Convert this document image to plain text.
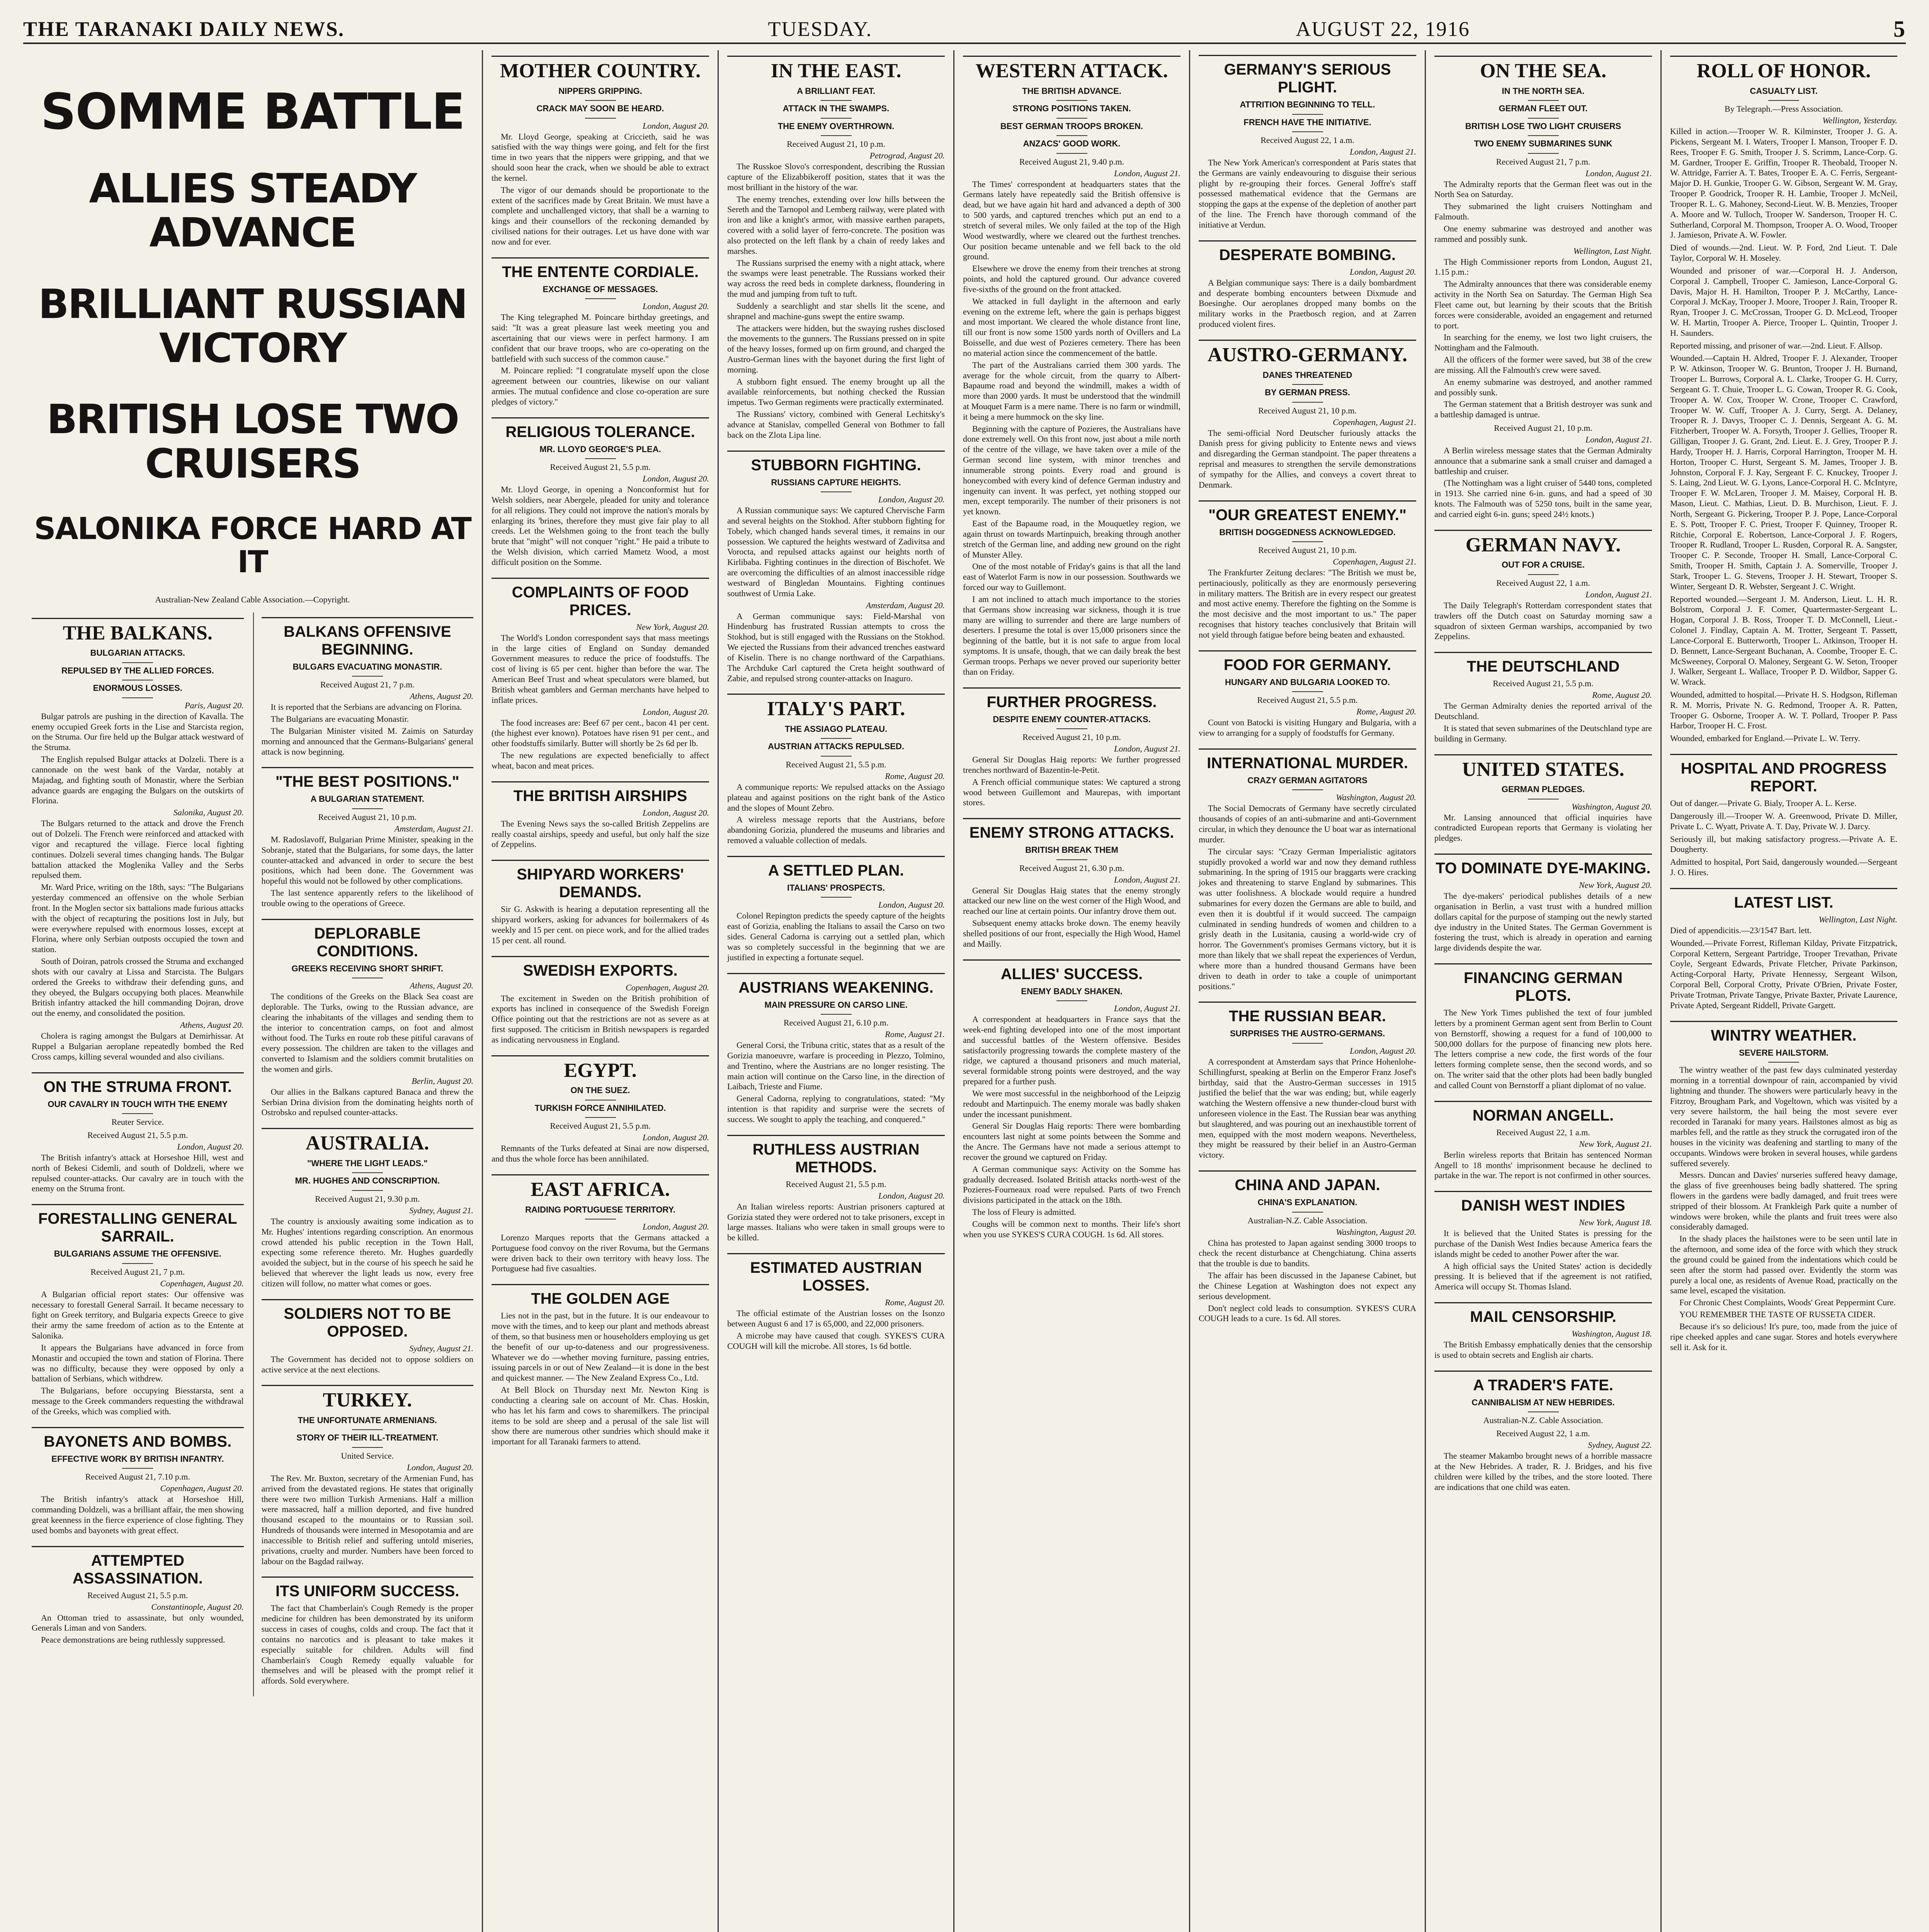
THE TARANAKI DAILY NEWS.	TUESDAY.	AUGUST 22, 1916	5
SOMME BATTLE
ALLIES STEADY ADVANCE
BRILLIANT RUSSIAN VICTORY
BRITISH LOSE TWO CRUISERS
SALONIKA FORCE HARD AT IT
Australian-New Zealand Cable Association.—Copyright.
THE BALKANS.
BULGARIAN ATTACKS.
REPULSED BY THE ALLIED FORCES.
ENORMOUS LOSSES.
Paris, August 20.
Bulgar patrols are pushing in the direction of Kavalla. The enemy occupied Greek forts in the Lise and Starcista region, on the Struma. Our fire held up the Bulgar attack westward of the Struma.
The English repulsed Bulgar attacks at Dolzeli. There is a cannonade on the west bank of the Vardar, notably at Majadag, and fighting south of Monastir, where the Serbian advance guards are engaging the Bulgars on the outskirts of Florina.
Salonika, August 20.
The Bulgars returned to the attack and drove the French out of Dolzeli. The French were reinforced and attacked with vigor and recaptured the village. Fierce local fighting continues. Dolzeli several times changing hands. The Bulgar battalion attacked the Moglenika Valley and the Serbs repulsed them.
Mr. Ward Price, writing on the 18th, says: "The Bulgarians yesterday commenced an offensive on the whole Serbian front. In the Moglen sector six battalions made furious attacks with the object of recapturing the positions lost in July, but were everywhere repulsed with enormous losses, except at Florina, where only Serbian outposts occupied the town and station.
South of Doiran, patrols crossed the Struma and exchanged shots with our cavalry at Lissa and Starcista. The Bulgars ordered the Greeks to withdraw their defending guns, and they obeyed, the Bulgars occupying both places. Meanwhile British infantry attacked the hill commanding Dojran, drove out the enemy, and consolidated the position.
Athens, August 20.
Cholera is raging amongst the Bulgars at Demirhissar. At Ruppel a Bulgarian aeroplane repeatedly bombed the Red Cross camps, killing several wounded and also civilians.
ON THE STRUMA FRONT.
OUR CAVALRY IN TOUCH WITH THE ENEMY
Reuter Service.
Received August 21, 5.5 p.m.
London, August 20.
The British infantry's attack at Horseshoe Hill, west and north of Bekesi Cidemli, and south of Doldzeli, where we repulsed counter-attacks. Our cavalry are in touch with the enemy on the Struma front.
FORESTALLING GENERAL SARRAIL.
BULGARIANS ASSUME THE OFFENSIVE.
Received August 21, 7 p.m.
Copenhagen, August 20.
A Bulgarian official report states: Our offensive was necessary to forestall General Sarrail. It became necessary to fight on Greek territory, and Bulgaria expects Greece to give their army the same freedom of action as to the Entente at Salonika.
It appears the Bulgarians have advanced in force from Monastir and occupied the town and station of Florina. There was no difficulty, because they were opposed by only a battalion of Serbians, which withdrew.
The Bulgarians, before occupying Biesstarsta, sent a message to the Greek commanders requesting the withdrawal of the Greeks, which was complied with.
BAYONETS AND BOMBS.
EFFECTIVE WORK BY BRITISH INFANTRY.
Received August 21, 7.10 p.m.
Copenhagen, August 20.
The British infantry's attack at Horseshoe Hill, commanding Doldzeli, was a brilliant affair, the men showing great keenness in the fierce experience of close fighting. They used bombs and bayonets with great effect.
ATTEMPTED ASSASSINATION.
Received August 21, 5.5 p.m.
Constantinople, August 20.
An Ottoman tried to assassinate, but only wounded, Generals Liman and von Sanders.
Peace demonstrations are being ruthlessly suppressed.
BALKANS OFFENSIVE BEGINNING.
BULGARS EVACUATING MONASTIR.
Received August 21, 7 p.m.
Athens, August 20.
It is reported that the Serbians are advancing on Florina.
The Bulgarians are evacuating Monastir.
The Bulgarian Minister visited M. Zaimis on Saturday morning and announced that the Germans-Bulgarians' general attack is now beginning.
"THE BEST POSITIONS."
A BULGARIAN STATEMENT.
Received August 21, 10 p.m.
Amsterdam, August 21.
M. Radoslavoff, Bulgarian Prime Minister, speaking in the Sobranje, stated that the Bulgarians, for some days, the latter counter-attacked and advanced in order to secure the best positions, which had been done. The Government was hopeful this would not be followed by other complications.
The last sentence apparently refers to the likelihood of trouble owing to the operations of Greece.
DEPLORABLE CONDITIONS.
GREEKS RECEIVING SHORT SHRIFT.
Athens, August 20.
The conditions of the Greeks on the Black Sea coast are deplorable. The Turks, owing to the Russian advance, are clearing the inhabitants of the villages and sending them to the interior to concentration camps, on foot and almost without food. The Turks en route rob these pitiful caravans of every possession. The children are taken to the villages and converted to Islamism and the soldiers commit brutalities on the women and girls.
Berlin, August 20.
Our allies in the Balkans captured Banaca and threw the Serbian Drina division from the dominating heights north of Ostrobsko and repulsed counter-attacks.
AUSTRALIA.
"WHERE THE LIGHT LEADS."
MR. HUGHES AND CONSCRIPTION.
Received August 21, 9.30 p.m.
Sydney, August 21.
The country is anxiously awaiting some indication as to Mr. Hughes' intentions regarding conscription. An enormous crowd attended his public reception in the Town Hall, expecting some reference thereto. Mr. Hughes guardedly avoided the subject, but in the course of his speech he said he believed that wherever the light leads us now, every free citizen will follow, no matter what comes or goes.
SOLDIERS NOT TO BE OPPOSED.
Sydney, August 21.
The Government has decided not to oppose soldiers on active service at the next elections.
TURKEY.
THE UNFORTUNATE ARMENIANS.
STORY OF THEIR ILL-TREATMENT.
United Service.
London, August 20.
The Rev. Mr. Buxton, secretary of the Armenian Fund, has arrived from the devastated regions. He states that originally there were two million Turkish Armenians. Half a million were massacred, half a million deported, and five hundred thousand escaped to the mountains or to Russian soil. Hundreds of thousands were interned in Mesopotamia and are inaccessible to British relief and suffering untold miseries, privations, cruelty and murder. Numbers have been forced to labour on the Bagdad railway.
ITS UNIFORM SUCCESS.
The fact that Chamberlain's Cough Remedy is the proper medicine for children has been demonstrated by its uniform success in cases of coughs, colds and croup. The fact that it contains no narcotics and is pleasant to take makes it especially suitable for children. Adults will find Chamberlain's Cough Remedy equally valuable for themselves and will be pleased with the prompt relief it affords. Sold everywhere.
MOTHER COUNTRY.
NIPPERS GRIPPING.
CRACK MAY SOON BE HEARD.
London, August 20.
Mr. Lloyd George, speaking at Criccieth, said he was satisfied with the way things were going, and felt for the first time in two years that the nippers were gripping, and that we should soon hear the crack, when we should be able to extract the kernel.
The vigor of our demands should be proportionate to the extent of the sacrifices made by Great Britain. We must have a complete and unchallenged victory, that shall be a warning to kings and their counsellors of the reckoning demanded by civilised nations for their outrages. Let us have done with war now and for ever.
THE ENTENTE CORDIALE.
EXCHANGE OF MESSAGES.
London, August 20.
The King telegraphed M. Poincare birthday greetings, and said: "It was a great pleasure last week meeting you and ascertaining that our views were in perfect harmony. I am confident that our brave troops, who are co-operating on the battlefield with such success of the common cause."
M. Poincare replied: "I congratulate myself upon the close agreement between our countries, likewise on our valiant armies. The mutual confidence and close co-operation are sure pledges of victory."
RELIGIOUS TOLERANCE.
MR. LLOYD GEORGE'S PLEA.
Received August 21, 5.5 p.m.
London, August 20.
Mr. Lloyd George, in opening a Nonconformist hut for Welsh soldiers, near Abergele, pleaded for unity and tolerance for all religions. They could not improve the nation's morals by enlarging its 'brines, therefore they must give fair play to all creeds. Let the Welshmen going to the front teach the bully brute that "might" will not conquer "right." He paid a tribute to the Welsh division, which carried Mametz Wood, a most difficult position on the Somme.
COMPLAINTS OF FOOD PRICES.
New York, August 20.
The World's London correspondent says that mass meetings in the large cities of England on Sunday demanded Government measures to reduce the price of foodstuffs. The cost of living is 65 per cent. higher than before the war. The American Beef Trust and wheat speculators were blamed, but British wheat gamblers and German merchants have helped to inflate prices.
London, August 20.
The food increases are: Beef 67 per cent., bacon 41 per cent. (the highest ever known). Potatoes have risen 91 per cent., and other foodstuffs similarly. Butter will shortly be 2s 6d per lb.
The new regulations are expected beneficially to affect wheat, bacon and meat prices.
THE BRITISH AIRSHIPS
London, August 20.
The Evening News says the so-called British Zeppelins are really coastal airships, speedy and useful, but only half the size of Zeppelins.
SHIPYARD WORKERS' DEMANDS.
Sir G. Askwith is hearing a deputation representing all the shipyard workers, asking for advances for boilermakers of 4s weekly and 15 per cent. on piece work, and for the allied trades 15 per cent. all round.
SWEDISH EXPORTS.
Copenhagen, August 20.
The excitement in Sweden on the British prohibition of exports has inclined in consequence of the Swedish Foreign Office pointing out that the restrictions are not as severe as at first supposed. The criticism in British newspapers is regarded as indicating nervousness in England.
EGYPT.
ON THE SUEZ.
TURKISH FORCE ANNIHILATED.
Received August 21, 5.5 p.m.
London, August 20.
Remnants of the Turks defeated at Sinai are now dispersed, and thus the whole force has been annihilated.
EAST AFRICA.
RAIDING PORTUGUESE TERRITORY.
London, August 20.
Lorenzo Marques reports that the Germans attacked a Portuguese food convoy on the river Rovuma, but the Germans were driven back to their own territory with heavy loss. The Portuguese had five casualties.
THE GOLDEN AGE
Lies not in the past, but in the future. It is our endeavour to move with the times, and to keep our plant and methods abreast of them, so that business men or householders employing us get the benefit of our up-to-dateness and our progressiveness. Whatever we do —whether moving furniture, passing entries, issuing parcels in or out of New Zealand—it is done in the best and quickest manner. — The New Zealand Express Co., Ltd.
At Bell Block on Thursday next Mr. Newton King is conducting a clearing sale on account of Mr. Chas. Hoskin, who has let his farm and cows to sharemilkers. The principal items to be sold are sheep and a perusal of the sale list will show there are numerous other sundries which should make it important for all Taranaki farmers to attend.
IN THE EAST.
A BRILLIANT FEAT.
ATTACK IN THE SWAMPS.
THE ENEMY OVERTHROWN.
Received August 21, 10 p.m.
Petrograd, August 20.
The Russkoe Slovo's correspondent, describing the Russian capture of the Elizabbikeroff position, states that it was the most brilliant in the history of the war.
The enemy trenches, extending over low hills between the Sereth and the Tarnopol and Lemberg railway, were plated with iron and like a knight's armor, with massive earthen parapets, covered with a solid layer of ferro-concrete. The position was also protected on the left flank by a chain of reedy lakes and marshes.
The Russians surprised the enemy with a night attack, where the swamps were least penetrable. The Russians worked their way across the reed beds in complete darkness, floundering in the mud and jumping from tuft to tuft.
Suddenly a searchlight and star shells lit the scene, and shrapnel and machine-guns swept the entire swamp.
The attackers were hidden, but the swaying rushes disclosed the movements to the gunners. The Russians pressed on in spite of the heavy losses, formed up on firm ground, and charged the Austro-German lines with the bayonet during the first light of morning.
A stubborn fight ensued. The enemy brought up all the available reinforcements, but nothing checked the Russian impetus. Two German regiments were practically exterminated.
The Russians' victory, combined with General Lechitsky's advance at Stanislav, compelled General von Bothmer to fall back on the Zlota Lipa line.
STUBBORN FIGHTING.
RUSSIANS CAPTURE HEIGHTS.
London, August 20.
A Russian communique says: We captured Chervische Farm and several heights on the Stokhod. After stubborn fighting for Tobely, which changed hands several times, it remains in our possession. We captured the heights westward of Zadivitsa and Vorocta, and repulsed attacks against our heights north of Kirlibaba. Fighting continues in the direction of Bischofet. We are overcoming the difficulties of an almost inaccessible ridge westward of Bingledan Mountains. Fighting continues southwest of Urmia Lake.
Amsterdam, August 20.
A German communique says: Field-Marshal von Hindenburg has frustrated Russian attempts to cross the Stokhod, but is still engaged with the Russians on the Stokhod. We ejected the Russians from their advanced trenches eastward of Kiselin. There is no change northward of the Carpathians. The Archduke Carl captured the Creta height southward of Zabie, and repulsed strong counter-attacks on Inaguro.
ITALY'S PART.
THE ASSIAGO PLATEAU.
AUSTRIAN ATTACKS REPULSED.
Received August 21, 5.5 p.m.
Rome, August 20.
A communique reports: We repulsed attacks on the Assiago plateau and against positions on the right bank of the Astico and the slopes of Mount Zebro.
A wireless message reports that the Austrians, before abandoning Gorizia, plundered the museums and libraries and removed a valuable collection of medals.
A SETTLED PLAN.
ITALIANS' PROSPECTS.
London, August 20.
Colonel Repington predicts the speedy capture of the heights east of Gorizia, enabling the Italians to assail the Carso on two sides. General Cadorna is carrying out a settled plan, which was so completely successful in the beginning that we are justified in expecting a fortunate sequel.
AUSTRIANS WEAKENING.
MAIN PRESSURE ON CARSO LINE.
Received August 21, 6.10 p.m.
Rome, August 21.
General Corsi, the Tribuna critic, states that as a result of the Gorizia manoeuvre, warfare is proceeding in Plezzo, Tolmino, and Trentino, where the Austrians are no longer resisting. The main action will continue on the Carso line, in the direction of Laibach, Trieste and Fiume.
General Cadorna, replying to congratulations, stated: "My intention is that rapidity and surprise were the secrets of success. We sought to apply the teaching, and conquered."
RUTHLESS AUSTRIAN METHODS.
Received August 21, 5.5 p.m.
London, August 20.
An Italian wireless reports: Austrian prisoners captured at Gorizia stated they were ordered not to take prisoners, except in large masses. Italians who were taken in small groups were to be killed.
ESTIMATED AUSTRIAN LOSSES.
Rome, August 20.
The official estimate of the Austrian losses on the Isonzo between August 6 and 17 is 65,000, and 22,000 prisoners.
A microbe may have caused that cough. SYKES'S CURA COUGH will kill the microbe. All stores, 1s 6d bottle.
WESTERN ATTACK.
THE BRITISH ADVANCE.
STRONG POSITIONS TAKEN.
BEST GERMAN TROOPS BROKEN.
ANZACS' GOOD WORK.
Received August 21, 9.40 p.m.
London, August 21.
The Times' correspondent at headquarters states that the Germans lately have repeatedly said the British offensive is dead, but we have again hit hard and advanced a depth of 300 to 500 yards, and captured trenches which put an end to a stretch of several miles. We only failed at the top of the High Wood westwardly, where we cleared out the furthest trenches. Our position became untenable and we fell back to the old ground.
Elsewhere we drove the enemy from their trenches at strong points, and hold the captured ground. Our advance covered five-sixths of the ground on the front attacked.
We attacked in full daylight in the afternoon and early evening on the extreme left, where the gain is perhaps biggest and most important. We cleared the whole distance front line, till our front is now some 1500 yards north of Ovillers and La Boisselle, and due west of Pozieres cemetery. There has been no material action since the commencement of the battle.
The part of the Australians carried them 300 yards. The average for the whole circuit, from the quarry to Albert-Bapaume road and beyond the windmill, makes a width of more than 2000 yards. It must be understood that the windmill at Mouquet Farm is a mere name. There is no farm or windmill, it being a mere hummock on the sky line.
Beginning with the capture of Pozieres, the Australians have done extremely well. On this front now, just about a mile north of the centre of the village, we have taken over a mile of the German second line system, with minor trenches and innumerable strong points. Every road and ground is honeycombed with every kind of defence German industry and ingenuity can invent. It was perfect, yet nothing stopped our men, except temporarily. The number of their prisoners is not yet known.
East of the Bapaume road, in the Mouquetley region, we again thrust on towards Martinpuich, breaking through another stretch of the German line, and adding new ground on the right of Munster Alley.
One of the most notable of Friday's gains is that all the land east of Waterlot Farm is now in our possession. Southwards we forced our way to Guillemont.
I am not inclined to attach much importance to the stories that Germans show increasing war sickness, though it is true many are willing to surrender and there are large numbers of deserters. I presume the total is over 15,000 prisoners since the beginning of the battle, but it is not safe to argue from local symptoms. It is unsafe, though, that we can daily break the best German troops. Perhaps we never proved our superiority better than on Friday.
FURTHER PROGRESS.
DESPITE ENEMY COUNTER-ATTACKS.
Received August 21, 10 p.m.
London, August 21.
General Sir Douglas Haig reports: We further progressed trenches northward of Bazentin-le-Petit.
A French official communique states: We captured a strong wood between Guillemont and Maurepas, with important stores.
ENEMY STRONG ATTACKS.
BRITISH BREAK THEM
Received August 21, 6.30 p.m.
London, August 21.
General Sir Douglas Haig states that the enemy strongly attacked our new line on the west corner of the High Wood, and reached our line at certain points. Our infantry drove them out.
Subsequent enemy attacks broke down. The enemy heavily shelled positions of our front, especially the High Wood, Hamel and Mailly.
ALLIES' SUCCESS.
ENEMY BADLY SHAKEN.
London, August 21.
A correspondent at headquarters in France says that the week-end fighting developed into one of the most important and successful battles of the Western offensive. Besides satisfactorily progressing towards the complete mastery of the ridge, we captured a thousand prisoners and much material, several formidable strong points were destroyed, and the way prepared for a further push.
We were most successful in the neighborhood of the Leipzig redoubt and Martinpuich. The enemy morale was badly shaken under the incessant punishment.
General Sir Douglas Haig reports: There were bombarding encounters last night at some points between the Somme and the Ancre. The Germans have not made a serious attempt to recover the ground we captured on Friday.
A German communique says: Activity on the Somme has gradually decreased. Isolated British attacks north-west of the Pozieres-Fourneaux road were repulsed. Parts of two French divisions participated in the attack on the 18th.
The loss of Fleury is admitted.
Coughs will be common next to months. Their life's short when you use SYKES'S CURA COUGH. 1s 6d. All stores.
GERMANY'S SERIOUS PLIGHT.
ATTRITION BEGINNING TO TELL.
FRENCH HAVE THE INITIATIVE.
Received August 22, 1 a.m.
London, August 21.
The New York American's correspondent at Paris states that the Germans are vainly endeavouring to disguise their serious plight by re-grouping their forces. General Joffre's staff possessed mathematical evidence that the Germans are stopping the gaps at the expense of the depletion of another part of the line. The French have thorough command of the initiative at Verdun.
DESPERATE BOMBING.
London, August 20.
A Belgian communique says: There is a daily bombardment and desperate bombing encounters between Dixmude and Boesinghe. Our aeroplanes dropped many bombs on the military works in the Praetbosch region, and at Zarren produced violent fires.
AUSTRO-GERMANY.
DANES THREATENED
BY GERMAN PRESS.
Received August 21, 10 p.m.
Copenhagen, August 21.
The semi-official Nord Deutscher furiously attacks the Danish press for giving publicity to Entente news and views and disregarding the German standpoint. The paper threatens a reprisal and measures to strengthen the servile demonstrations of sympathy for the Allies, and conveys a covert threat to Denmark.
"OUR GREATEST ENEMY."
BRITISH DOGGEDNESS ACKNOWLEDGED.
Received August 21, 10 p.m.
Copenhagen, August 21.
The Frankfurter Zeitung declares: "The British we must be, pertinaciously, politically as they are enormously persevering in military matters. The British are in every respect our greatest and most active enemy. Therefore the fighting on the Somme is the most decisive and the most important to us." The paper recognises that history teaches conclusively that Britain will not yield through fatigue before being beaten and exhausted.
FOOD FOR GERMANY.
HUNGARY AND BULGARIA LOOKED TO.
Received August 21, 5.5 p.m.
Rome, August 20.
Count von Batocki is visiting Hungary and Bulgaria, with a view to arranging for a supply of foodstuffs for Germany.
INTERNATIONAL MURDER.
CRAZY GERMAN AGITATORS
Washington, August 20.
The Social Democrats of Germany have secretly circulated thousands of copies of an anti-submarine and anti-Government circular, in which they denounce the U boat war as international murder.
The circular says: "Crazy German Imperialistic agitators stupidly provoked a world war and now they demand ruthless submarining. In the spring of 1915 our braggarts were cracking jokes and threatening to starve England by submarines. This was utter foolishness. A blockade would require a hundred submarines for every dozen the Germans are able to build, and even then it is doubtful if it would succeed. The campaign culminated in sending hundreds of women and children to a grisly death in the Lusitania, causing a world-wide cry of horror. The Government's promises Germans victory, but it is more than likely that we shall repeat the experiences of Verdun, where more than a hundred thousand Germans have been driven to death in order to take a couple of unimportant positions."
THE RUSSIAN BEAR.
SURPRISES THE AUSTRO-GERMANS.
London, August 20.
A correspondent at Amsterdam says that Prince Hohenlohe-Schillingfurst, speaking at Berlin on the Emperor Franz Josef's birthday, said that the Austro-German successes in 1915 justified the belief that the war was ending; but, while eagerly watching the Western offensive a new thunder-cloud burst with unforeseen violence in the East. The Russian bear was anything but slaughtered, and was pouring out an inexhaustible torrent of men, equipped with the most modern weapons. Nevertheless, they might be reassured by their belief in an Austro-German victory.
CHINA AND JAPAN.
CHINA'S EXPLANATION.
Australian-N.Z. Cable Association.
Washington, August 20.
China has protested to Japan against sending 3000 troops to check the recent disturbance at Chengchiatung. China asserts that the trouble is due to bandits.
The affair has been discussed in the Japanese Cabinet, but the Chinese Legation at Washington does not expect any serious development.
Don't neglect cold leads to consumption. SYKES'S CURA COUGH leads to a cure. 1s 6d. All stores.
ON THE SEA.
IN THE NORTH SEA.
GERMAN FLEET OUT.
BRITISH LOSE TWO LIGHT CRUISERS
TWO ENEMY SUBMARINES SUNK
Received August 21, 7 p.m.
London, August 21.
The Admiralty reports that the German fleet was out in the North Sea on Saturday.
They submarined the light cruisers Nottingham and Falmouth.
One enemy submarine was destroyed and another was rammed and possibly sunk.
Wellington, Last Night.
The High Commissioner reports from London, August 21, 1.15 p.m.:
The Admiralty announces that there was considerable enemy activity in the North Sea on Saturday. The German High Sea Fleet came out, but learning by their scouts that the British forces were considerable, avoided an engagement and returned to port.
In searching for the enemy, we lost two light cruisers, the Nottingham and the Falmouth.
All the officers of the former were saved, but 38 of the crew are missing. All the Falmouth's crew were saved.
An enemy submarine was destroyed, and another rammed and possibly sunk.
The German statement that a British destroyer was sunk and a battleship damaged is untrue.
Received August 21, 10 p.m.
London, August 21.
A Berlin wireless message states that the German Admiralty announce that a submarine sank a small cruiser and damaged a battleship and cruiser.
(The Nottingham was a light cruiser of 5440 tons, completed in 1913. She carried nine 6-in. guns, and had a speed of 30 knots. The Falmouth was of 5250 tons, built in the same year, and carried eight 6-in. guns; speed 24½ knots.)
GERMAN NAVY.
OUT FOR A CRUISE.
Received August 22, 1 a.m.
London, August 21.
The Daily Telegraph's Rotterdam correspondent states that trawlers off the Dutch coast on Saturday morning saw a squadron of sixteen German warships, accompanied by two Zeppelins.
THE DEUTSCHLAND
Received August 21, 5.5 p.m.
Rome, August 20.
The German Admiralty denies the reported arrival of the Deutschland.
It is stated that seven submarines of the Deutschland type are building in Germany.
UNITED STATES.
GERMAN PLEDGES.
Washington, August 20.
Mr. Lansing announced that official inquiries have contradicted European reports that Germany is violating her pledges.
TO DOMINATE DYE-MAKING.
New York, August 20.
The dye-makers' periodical publishes details of a new organisation in Berlin, a vast trust with a hundred million dollars capital for the purpose of stamping out the newly started dye industry in the United States. The German Government is fostering the trust, which is already in operation and earning large dividends despite the war.
FINANCING GERMAN PLOTS.
The New York Times published the text of four jumbled letters by a prominent German agent sent from Berlin to Count von Bernstorff, showing a request for a fund of 100,000 to 500,000 dollars for the purpose of financing new plots here. The letters comprise a new code, the first words of the four letters forming complete sense, then the second words, and so on. The writer said that the other plots had been badly bungled and called Count von Bernstorff a pliant diplomat of no value.
NORMAN ANGELL.
Received August 22, 1 a.m.
New York, August 21.
Berlin wireless reports that Britain has sentenced Norman Angell to 18 months' imprisonment because he declined to partake in the war. The report is not confirmed in other sources.
DANISH WEST INDIES
New York, August 18.
It is believed that the United States is pressing for the purchase of the Danish West Indies because America fears the islands might be ceded to another Power after the war.
A high official says the United States' action is decidedly pressing. It is believed that if the agreement is not ratified, America will occupy St. Thomas Island.
MAIL CENSORSHIP.
Washington, August 18.
The British Embassy emphatically denies that the censorship is used to obtain secrets and English air charts.
A TRADER'S FATE.
CANNIBALISM AT NEW HEBRIDES.
Australian-N.Z. Cable Association.
Received August 22, 1 a.m.
Sydney, August 22.
The steamer Makambo brought news of a horrible massacre at the New Hebrides. A trader, R. J. Bridges, and his five children were killed by the tribes, and the store looted. There are indications that one child was eaten.
ROLL OF HONOR.
CASUALTY LIST.
By Telegraph.—Press Association.
Wellington, Yesterday.
Killed in action.—Trooper W. R. Kilminster, Trooper J. G. A. Pickens, Sergeant M. I. Waters, Trooper I. Manson, Trooper F. D. Rees, Trooper F. G. Smith, Trooper J. S. Scrimm, Lance-Corp. G. M. Gardner, Trooper E. Griffin, Trooper R. Theobald, Trooper N. W. Attridge, Farrier A. T. Bates, Trooper E. A. C. Ferris, Sergeant-Major D. H. Gunkie, Trooper G. W. Gibson, Sergeant W. M. Gray, Trooper P. Goodrick, Trooper R. H. Lambie, Trooper J. McNeil, Trooper R. L. G. Mahoney, Second-Lieut. W. B. Menzies, Trooper A. Moore and W. Tulloch, Trooper W. Sanderson, Trooper H. C. Sutherland, Corporal M. Thompson, Trooper A. O. Wood, Trooper J. Jamieson, Private A. W. Fowler.
Died of wounds.—2nd. Lieut. W. P. Ford, 2nd Lieut. T. Dale Taylor, Corporal W. H. Moseley.
Wounded and prisoner of war.—Corporal H. J. Anderson, Corporal J. Campbell, Trooper C. Jamieson, Lance-Corporal G. Davis, Major H. H. Hamilton, Trooper P. J. McCarthy, Lance-Corporal J. McKay, Trooper J. Moore, Trooper J. Rain, Trooper R. Ryan, Trooper J. C. McCrossan, Trooper G. D. McLeod, Trooper W. H. Martin, Trooper A. Pierce, Trooper L. Quintin, Trooper J. H. Saunders.
Reported missing, and prisoner of war.—2nd. Lieut. F. Allsop.
Wounded.—Captain H. Aldred, Trooper F. J. Alexander, Trooper P. W. Atkinson, Trooper W. G. Brunton, Trooper J. H. Burnand, Trooper L. Burrows, Corporal A. L. Clarke, Trooper G. H. Curry, Sergeant G. T. Chuie, Trooper L. G. Cowan, Trooper R. G. Cook, Trooper A. W. Cox, Trooper W. Crone, Trooper C. Crawford, Trooper W. W. Cuff, Trooper A. J. Curry, Sergt. A. Delaney, Trooper R. J. Davys, Trooper C. J. Dennis, Sergeant A. G. M. Fitzherbert, Trooper W. A. Forsyth, Trooper J. Gellies, Trooper R. Gilligan, Trooper J. G. Grant, 2nd. Lieut. E. J. Grey, Trooper P. J. Hardy, Trooper H. J. Harris, Corporal Harrington, Trooper M. H. Horton, Trooper C. Hurst, Sergeant S. M. James, Trooper J. B. Johnston, Corporal F. J. Kay, Sergeant F. C. Knuckey, Trooper J. S. Laing, 2nd Lieut. W. G. Lyons, Lance-Corporal H. C. McIntyre, Trooper F. W. McLaren, Trooper J. M. Maisey, Corporal H. B. Mason, Lieut. C. Mathias, Lieut. D. B. Murchison, Lieut. F. J. North, Sergeant G. Pickering, Trooper P. J. Pope, Lance-Corporal E. S. Pott, Trooper F. C. Priest, Trooper F. Quinney, Trooper R. Ritchie, Corporal E. Robertson, Lance-Corporal J. F. Rogers, Trooper R. Rudland, Trooper L. Rusden, Corporal R. A. Sangster, Trooper C. P. Seconde, Trooper H. Small, Lance-Corporal C. Smith, Trooper H. Smith, Captain J. A. Somerville, Trooper J. Stark, Trooper L. G. Stevens, Trooper J. H. Stewart, Trooper S. Winter, Sergeant D. R. Webster, Sergeant J. C. Wright.
Reported wounded.—Sergeant J. M. Anderson, Lieut. L. H. R. Bolstrom, Corporal J. F. Comer, Quartermaster-Sergeant L. Hogan, Corporal J. B. Ross, Trooper T. D. McConnell, Lieut.-Colonel J. Findlay, Captain A. M. Trotter, Sergeant T. Passett, Lance-Corporal E. Butterworth, Trooper L. Atkinson, Trooper H. D. Bennett, Lance-Sergeant Buchanan, A. Coombe, Trooper E. C. McSweeney, Corporal O. Maloney, Sergeant G. W. Seton, Trooper J. Walker, Sergeant L. Wallace, Trooper P. D. Wildbor, Sapper G. W. Wrack.
Wounded, admitted to hospital.—Private H. S. Hodgson, Rifleman R. M. Morris, Private N. G. Redmond, Trooper A. R. Patten, Trooper G. Osborne, Trooper A. W. T. Pollard, Trooper P. Pass Harbor, Trooper H. C. Frost.
Wounded, embarked for England.—Private L. W. Terry.
HOSPITAL AND PROGRESS REPORT.
Out of danger.—Private G. Bialy, Trooper A. L. Kerse.
Dangerously ill.—Trooper W. A. Greenwood, Private D. Miller, Private L. C. Wyatt, Private A. T. Day, Private W. J. Darcy.
Seriously ill, but making satisfactory progress.—Private A. E. Dougherty.
Admitted to hospital, Port Said, dangerously wounded.—Sergeant J. O. Hires.
LATEST LIST.
Wellington, Last Night.
Died of appendicitis.—23/1547 Bart. lett.
Wounded.—Private Forrest, Rifleman Kilday, Private Fitzpatrick, Corporal Kettern, Sergeant Partridge, Trooper Trevathan, Private Coyle, Sergeant Edwards, Private Fletcher, Private Parkinson, Acting-Corporal Harty, Private Hennessy, Sergeant Wilson, Corporal Bell, Corporal Crotty, Private O'Brien, Private Foster, Private Trotman, Private Tangye, Private Baxter, Private Laurence, Private Apted, Sergeant Riddell, Private Gargett.
WINTRY WEATHER.
SEVERE HAILSTORM.
The wintry weather of the past few days culminated yesterday morning in a torrential downpour of rain, accompanied by vivid lightning and thunder. The showers were particularly heavy in the Fitzroy, Brougham Park, and Vogeltown, which was visited by a very severe hailstorm, the hail being the most severe ever recorded in Taranaki for many years. Hailstones almost as big as marbles fell, and the rattle as they struck the corrugated iron of the houses in the vicinity was deafening and startling to many of the occupants. Windows were broken in several houses, while gardens suffered severely.
Messrs. Duncan and Davies' nurseries suffered heavy damage, the glass of five greenhouses being badly shattered. The spring flowers in the gardens were badly damaged, and fruit trees were stripped of their blossom. At Frankleigh Park quite a number of windows were broken, while the plants and fruit trees were also considerably damaged.
In the shady places the hailstones were to be seen until late in the afternoon, and some idea of the force with which they struck the ground could be gained from the indentations which could be seen after the storm had passed over. Evidently the storm was purely a local one, as residents of Avenue Road, practically on the same level, escaped the visitation.
For Chronic Chest Complaints, Woods' Great Peppermint Cure.
YOU REMEMBER THE TASTE OF RUSSETA CIDER.
Because it's so delicious! It's pure, too, made from the juice of ripe cheeked apples and cane sugar. Stores and hotels everywhere sell it. Ask for it.
